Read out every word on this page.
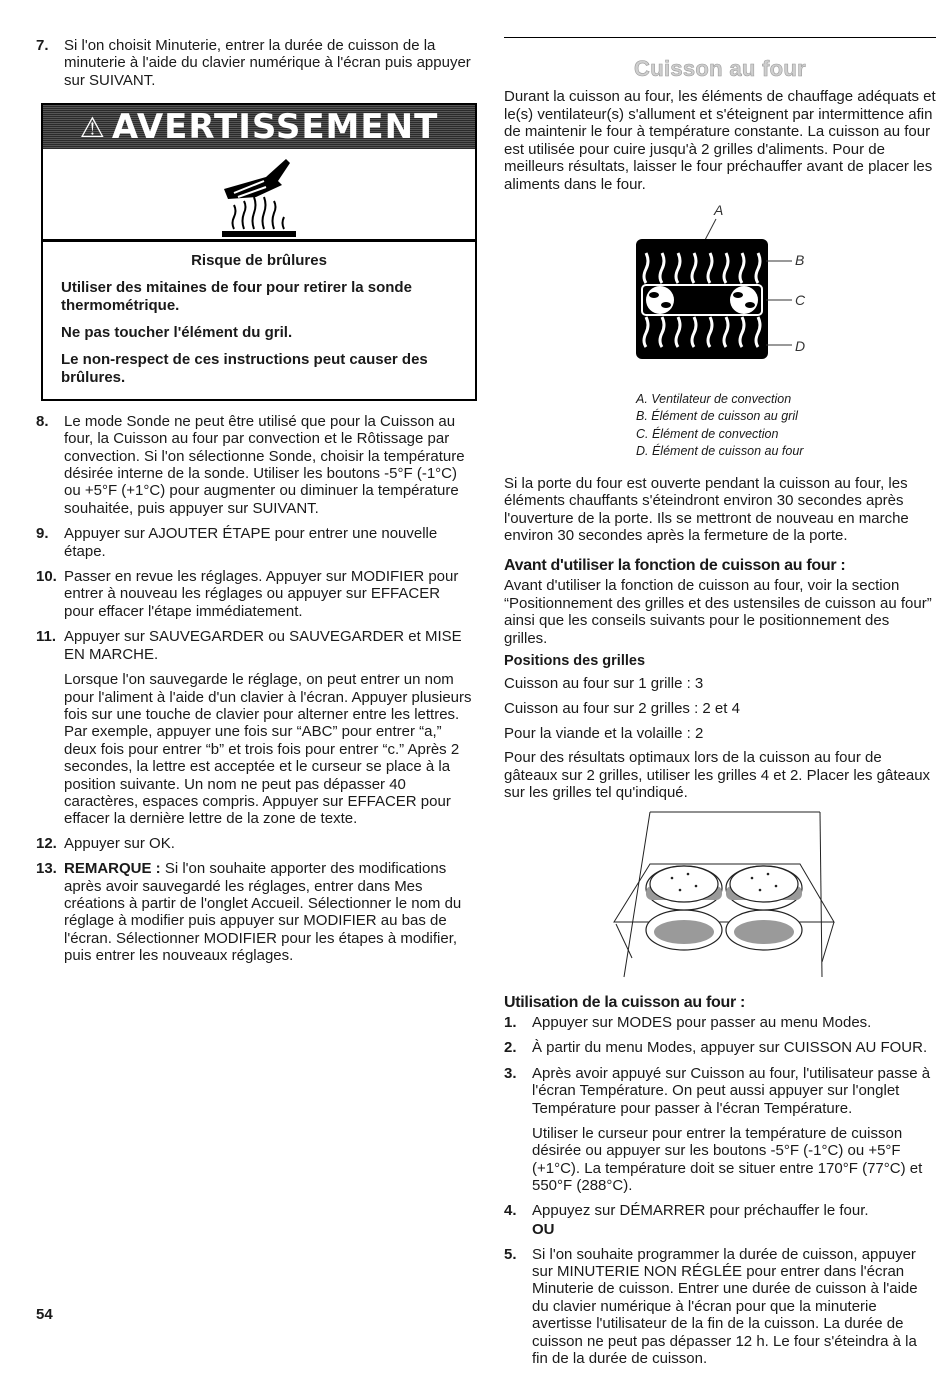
7.	Si l'on choisit Minuterie, entrer la durée de cuisson de la minuterie à l'aide du clavier numérique à l'écran puis appuyer sur SUIVANT.
⚠ AVERTISSEMENT

Risque de brûlures

Utiliser des mitaines de four pour retirer la sonde thermométrique.

Ne pas toucher l'élément du gril.

Le non-respect de ces instructions peut causer des brûlures.

8.	Le mode Sonde ne peut être utilisé que pour la Cuisson au four, la Cuisson au four par convection et le Rôtissage par convection. Si l'on sélectionne Sonde, choisir la température désirée interne de la sonde. Utiliser les boutons -5°F (-1°C) ou +5°F (+1°C) pour augmenter ou diminuer la température souhaitée, puis appuyer sur SUIVANT.
9.	Appuyer sur AJOUTER ÉTAPE pour entrer une nouvelle étape.
10. Passer en revue les réglages. Appuyer sur MODIFIER pour entrer à nouveau les réglages ou appuyer sur EFFACER pour effacer l'étape immédiatement.
11. Appuyer sur SAUVEGARDER ou SAUVEGARDER et MISE EN MARCHE.

Lorsque l'on sauvegarde le réglage, on peut entrer un nom pour l'aliment à l'aide d'un clavier à l'écran. Appuyer plusieurs fois sur une touche de clavier pour alterner entre les lettres. Par exemple, appuyer une fois sur “ABC” pour entrer “a,” deux fois pour entrer “b” et trois fois pour entrer “c.” Après 2 secondes, la lettre est acceptée et le curseur se place à la position suivante. Un nom ne peut pas dépasser 40 caractères, espaces compris. Appuyer sur EFFACER pour effacer la dernière lettre de la zone de texte.

12. Appuyer sur OK.
13. REMARQUE : Si l'on souhaite apporter des modifications après avoir sauvegardé les réglages, entrer dans Mes créations à partir de l'onglet Accueil. Sélectionner le nom du réglage à modifier puis appuyer sur MODIFIER au bas de l'écran. Sélectionner MODIFIER pour les étapes à modifier, puis entrer les nouveaux réglages.
Cuisson au four

Durant la cuisson au four, les éléments de chauffage adéquats et le(s) ventilateur(s) s'allument et s'éteignent par intermittence afin de maintenir le four à température constante. La cuisson au four est utilisée pour cuire jusqu'à 2 grilles d'aliments. Pour de meilleurs résultats, laisser le four préchauffer avant de placer les aliments dans le four.

A
B
C
D
A. Ventilateur de convection
B. Élément de cuisson au gril
C. Élément de convection
D. Élément de cuisson au four

Si la porte du four est ouverte pendant la cuisson au four, les éléments chauffants s'éteindront environ 30 secondes après l'ouverture de la porte. Ils se mettront de nouveau en marche environ 30 secondes après la fermeture de la porte.

Avant d'utiliser la fonction de cuisson au four :

Avant d'utiliser la fonction de cuisson au four, voir la section “Positionnement des grilles et des ustensiles de cuisson au four” ainsi que les conseils suivants pour le positionnement des grilles.

Positions des grilles

Cuisson au four sur 1 grille : 3

Cuisson au four sur 2 grilles : 2 et 4

Pour la viande et la volaille : 2

Pour des résultats optimaux lors de la cuisson au four de gâteaux sur 2 grilles, utiliser les grilles 4 et 2. Placer les gâteaux sur les grilles tel qu'indiqué.

Utilisation de la cuisson au four :
1.	Appuyer sur MODES pour passer au menu Modes.
2.	À partir du menu Modes, appuyer sur CUISSON AU FOUR.
3.	Après avoir appuyé sur Cuisson au four, l'utilisateur passe à l'écran Température. On peut aussi appuyer sur l'onglet Température pour passer à l'écran Température.

Utiliser le curseur pour entrer la température de cuisson désirée ou appuyer sur les boutons -5°F (-1°C) ou +5°F (+1°C). La température doit se situer entre 170°F (77°C) et 550°F (288°C).

4.	Appuyez sur DÉMARRER pour préchauffer le four.

OU

5.	Si l'on souhaite programmer la durée de cuisson, appuyer sur MINUTERIE NON RÉGLÉE pour entrer dans l'écran Minuterie de cuisson. Entrer une durée de cuisson à l'aide du clavier numérique à l'écran pour que la minuterie avertisse l'utilisateur de la fin de la cuisson. La durée de cuisson ne peut pas dépasser 12 h. Le four s'éteindra à la fin de la durée de cuisson.
54
